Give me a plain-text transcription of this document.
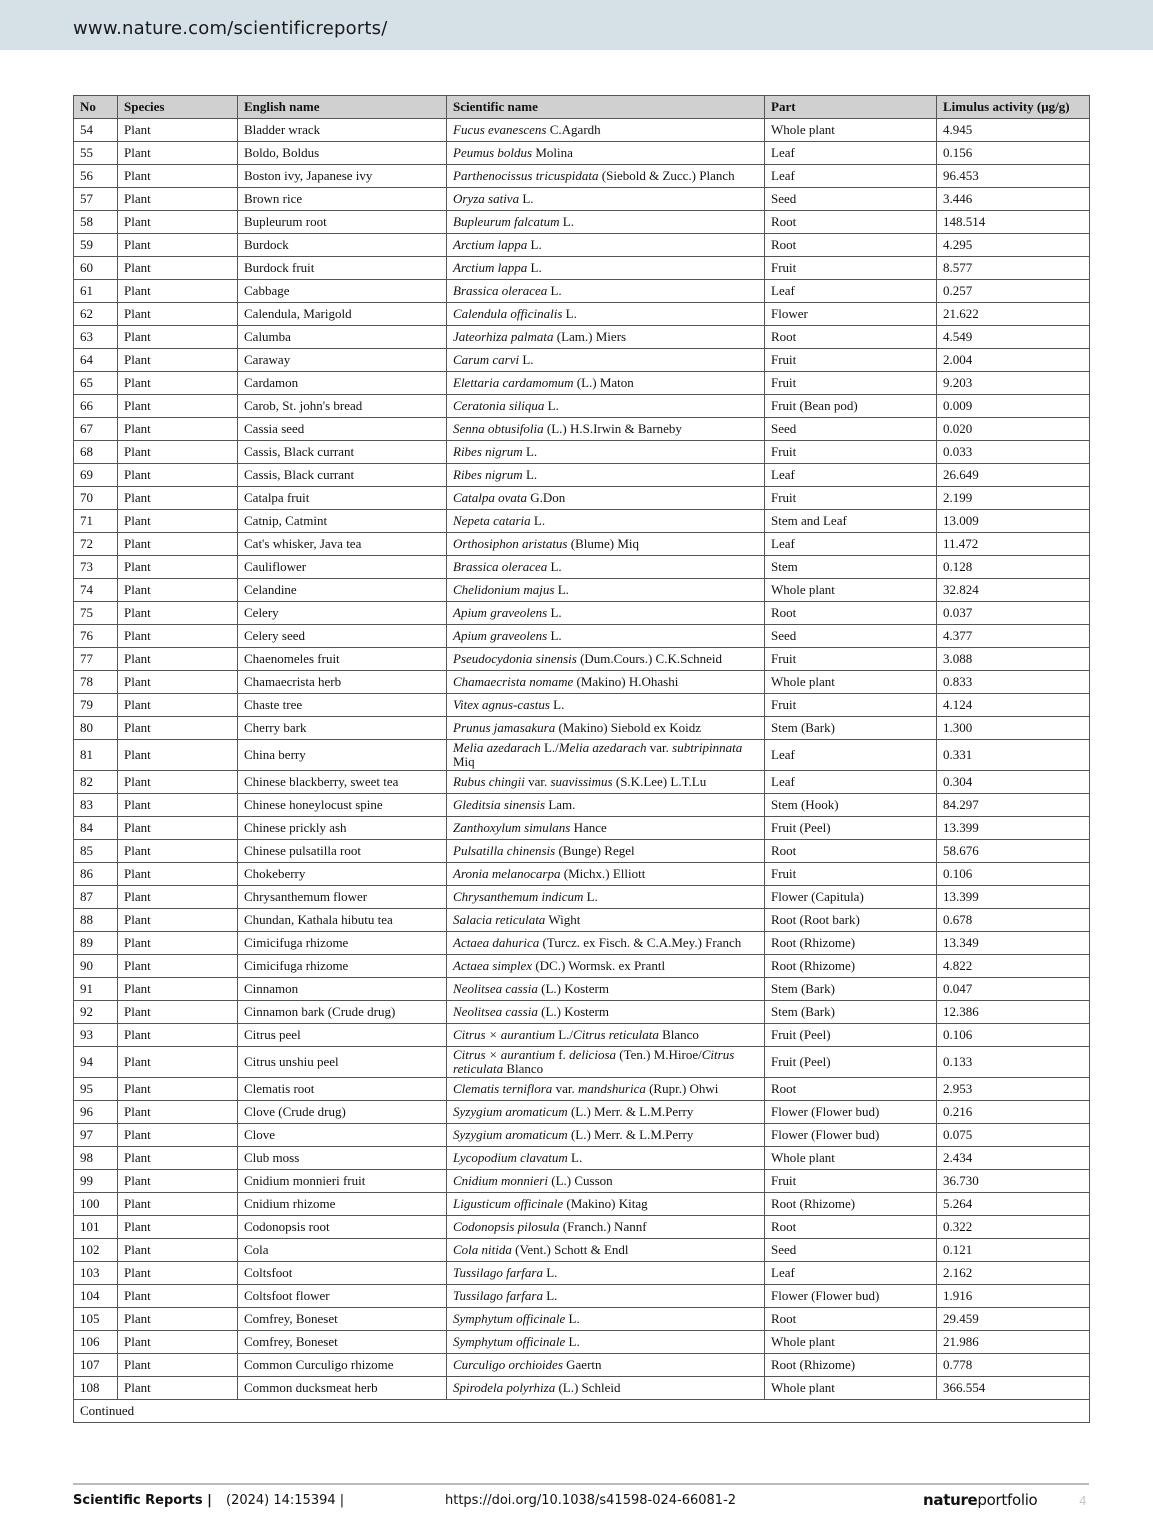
www.nature.com/scientificreports/
No	Species	English name	Scientific name	Part	Limulus activity (μg/g)
54	Plant	Bladder wrack	Fucus evanescens C.Agardh	Whole plant	4.945
55	Plant	Boldo, Boldus	Peumus boldus Molina	Leaf	0.156
56	Plant	Boston ivy, Japanese ivy	Parthenocissus tricuspidata (Siebold & Zucc.) Planch	Leaf	96.453
57	Plant	Brown rice	Oryza sativa L.	Seed	3.446
58	Plant	Bupleurum root	Bupleurum falcatum L.	Root	148.514
59	Plant	Burdock	Arctium lappa L.	Root	4.295
60	Plant	Burdock fruit	Arctium lappa L.	Fruit	8.577
61	Plant	Cabbage	Brassica oleracea L.	Leaf	0.257
62	Plant	Calendula, Marigold	Calendula officinalis L.	Flower	21.622
63	Plant	Calumba	Jateorhiza palmata (Lam.) Miers	Root	4.549
64	Plant	Caraway	Carum carvi L.	Fruit	2.004
65	Plant	Cardamon	Elettaria cardamomum (L.) Maton	Fruit	9.203
66	Plant	Carob, St. john's bread	Ceratonia siliqua L.	Fruit (Bean pod)	0.009
67	Plant	Cassia seed	Senna obtusifolia (L.) H.S.Irwin & Barneby	Seed	0.020
68	Plant	Cassis, Black currant	Ribes nigrum L.	Fruit	0.033
69	Plant	Cassis, Black currant	Ribes nigrum L.	Leaf	26.649
70	Plant	Catalpa fruit	Catalpa ovata G.Don	Fruit	2.199
71	Plant	Catnip, Catmint	Nepeta cataria L.	Stem and Leaf	13.009
72	Plant	Cat's whisker, Java tea	Orthosiphon aristatus (Blume) Miq	Leaf	11.472
73	Plant	Cauliflower	Brassica oleracea L.	Stem	0.128
74	Plant	Celandine	Chelidonium majus L.	Whole plant	32.824
75	Plant	Celery	Apium graveolens L.	Root	0.037
76	Plant	Celery seed	Apium graveolens L.	Seed	4.377
77	Plant	Chaenomeles fruit	Pseudocydonia sinensis (Dum.Cours.) C.K.Schneid	Fruit	3.088
78	Plant	Chamaecrista herb	Chamaecrista nomame (Makino) H.Ohashi	Whole plant	0.833
79	Plant	Chaste tree	Vitex agnus-castus L.	Fruit	4.124
80	Plant	Cherry bark	Prunus jamasakura (Makino) Siebold ex Koidz	Stem (Bark)	1.300
81	Plant	China berry	Melia azedarach L./Melia azedarach var. subtripinnata Miq	Leaf	0.331
82	Plant	Chinese blackberry, sweet tea	Rubus chingii var. suavissimus (S.K.Lee) L.T.Lu	Leaf	0.304
83	Plant	Chinese honeylocust spine	Gleditsia sinensis Lam.	Stem (Hook)	84.297
84	Plant	Chinese prickly ash	Zanthoxylum simulans Hance	Fruit (Peel)	13.399
85	Plant	Chinese pulsatilla root	Pulsatilla chinensis (Bunge) Regel	Root	58.676
86	Plant	Chokeberry	Aronia melanocarpa (Michx.) Elliott	Fruit	0.106
87	Plant	Chrysanthemum flower	Chrysanthemum indicum L.	Flower (Capitula)	13.399
88	Plant	Chundan, Kathala hibutu tea	Salacia reticulata Wight	Root (Root bark)	0.678
89	Plant	Cimicifuga rhizome	Actaea dahurica (Turcz. ex Fisch. & C.A.Mey.) Franch	Root (Rhizome)	13.349
90	Plant	Cimicifuga rhizome	Actaea simplex (DC.) Wormsk. ex Prantl	Root (Rhizome)	4.822
91	Plant	Cinnamon	Neolitsea cassia (L.) Kosterm	Stem (Bark)	0.047
92	Plant	Cinnamon bark (Crude drug)	Neolitsea cassia (L.) Kosterm	Stem (Bark)	12.386
93	Plant	Citrus peel	Citrus × aurantium L./Citrus reticulata Blanco	Fruit (Peel)	0.106
94	Plant	Citrus unshiu peel	Citrus × aurantium f. deliciosa (Ten.) M.Hiroe/Citrus reticulata Blanco	Fruit (Peel)	0.133
95	Plant	Clematis root	Clematis terniflora var. mandshurica (Rupr.) Ohwi	Root	2.953
96	Plant	Clove (Crude drug)	Syzygium aromaticum (L.) Merr. & L.M.Perry	Flower (Flower bud)	0.216
97	Plant	Clove	Syzygium aromaticum (L.) Merr. & L.M.Perry	Flower (Flower bud)	0.075
98	Plant	Club moss	Lycopodium clavatum L.	Whole plant	2.434
99	Plant	Cnidium monnieri fruit	Cnidium monnieri (L.) Cusson	Fruit	36.730
100	Plant	Cnidium rhizome	Ligusticum officinale (Makino) Kitag	Root (Rhizome)	5.264
101	Plant	Codonopsis root	Codonopsis pilosula (Franch.) Nannf	Root	0.322
102	Plant	Cola	Cola nitida (Vent.) Schott & Endl	Seed	0.121
103	Plant	Coltsfoot	Tussilago farfara L.	Leaf	2.162
104	Plant	Coltsfoot flower	Tussilago farfara L.	Flower (Flower bud)	1.916
105	Plant	Comfrey, Boneset	Symphytum officinale L.	Root	29.459
106	Plant	Comfrey, Boneset	Symphytum officinale L.	Whole plant	21.986
107	Plant	Common Curculigo rhizome	Curculigo orchioides Gaertn	Root (Rhizome)	0.778
108	Plant	Common ducksmeat herb	Spirodela polyrhiza (L.) Schleid	Whole plant	366.554
Continued					
Scientific Reports | (2024) 14:15394 |	https://doi.org/10.1038/s41598-024-66081-2	natureportfolio	4
